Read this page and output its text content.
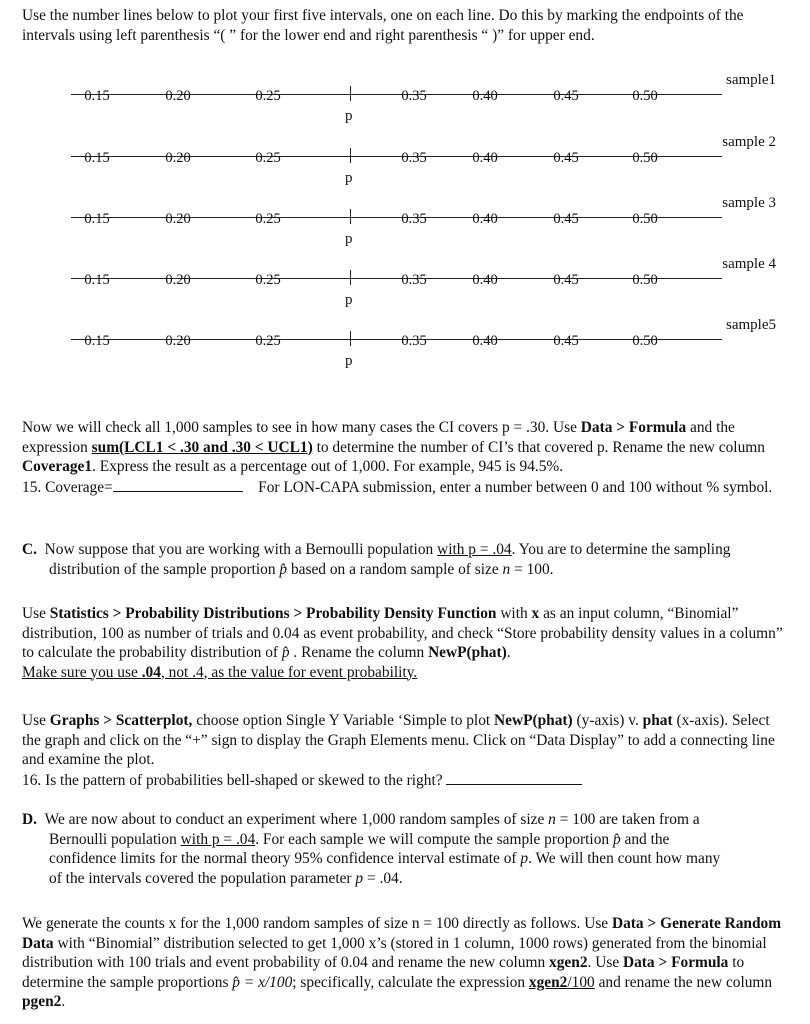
Use the number lines below to plot your first five intervals, one on each line. Do this by marking the endpoints of the intervals using left parenthesis “( ” for the lower end and right parenthesis “ )” for upper end.

sample1
0.15	0.20	0.25
p
0.35	0.40	0.45	0.50
sample 2
0.15	0.20	0.25
p
0.35	0.40	0.45	0.50
sample 3
0.15	0.20	0.25
p
0.35	0.40	0.45	0.50
sample 4
0.15	0.20	0.25
p
0.35	0.40	0.45	0.50
sample5
0.15	0.20	0.25
p
0.35	0.40	0.45	0.50

Now we will check all 1,000 samples to see in how many cases the CI covers p = .30. Use Data > Formula and the expression sum(LCL1 < .30 and .30 < UCL1) to determine the number of CI’s that covered p. Rename the new column Coverage1. Express the result as a percentage out of 1,000. For example, 945 is 94.5%.
15. Coverage=	For LON-CAPA submission, enter a number between 0 and 100 without % symbol.

C. Now suppose that you are working with a Bernoulli population with p = .04. You are to determine the sampling distribution of the sample proportion p̂ based on a random sample of size n = 100.

Use Statistics > Probability Distributions > Probability Density Function with x as an input column, “Binomial” distribution, 100 as number of trials and 0.04 as event probability, and check “Store probability density values in a column” to calculate the probability distribution of p̂ . Rename the column NewP(phat).
Make sure you use .04, not .4, as the value for event probability.

Use Graphs > Scatterplot, choose option Single Y Variable ‘Simple to plot NewP(phat) (y-axis) v. phat (x-axis). Select the graph and click on the “+” sign to display the Graph Elements menu. Click on “Data Display” to add a connecting line and examine the plot.
16. Is the pattern of probabilities bell-shaped or skewed to the right?

D. We are now about to conduct an experiment where 1,000 random samples of size n = 100 are taken from a Bernoulli population with p = .04. For each sample we will compute the sample proportion p̂ and the confidence limits for the normal theory 95% confidence interval estimate of p. We will then count how many of the intervals covered the population parameter p = .04.

We generate the counts x for the 1,000 random samples of size n = 100 directly as follows. Use Data > Generate Random Data with “Binomial” distribution selected to get 1,000 x’s (stored in 1 column, 1000 rows) generated from the binomial distribution with 100 trials and event probability of 0.04 and rename the new column xgen2. Use Data > Formula to determine the sample proportions p̂ = x/100; specifically, calculate the expression xgen2/100 and rename the new column pgen2.
